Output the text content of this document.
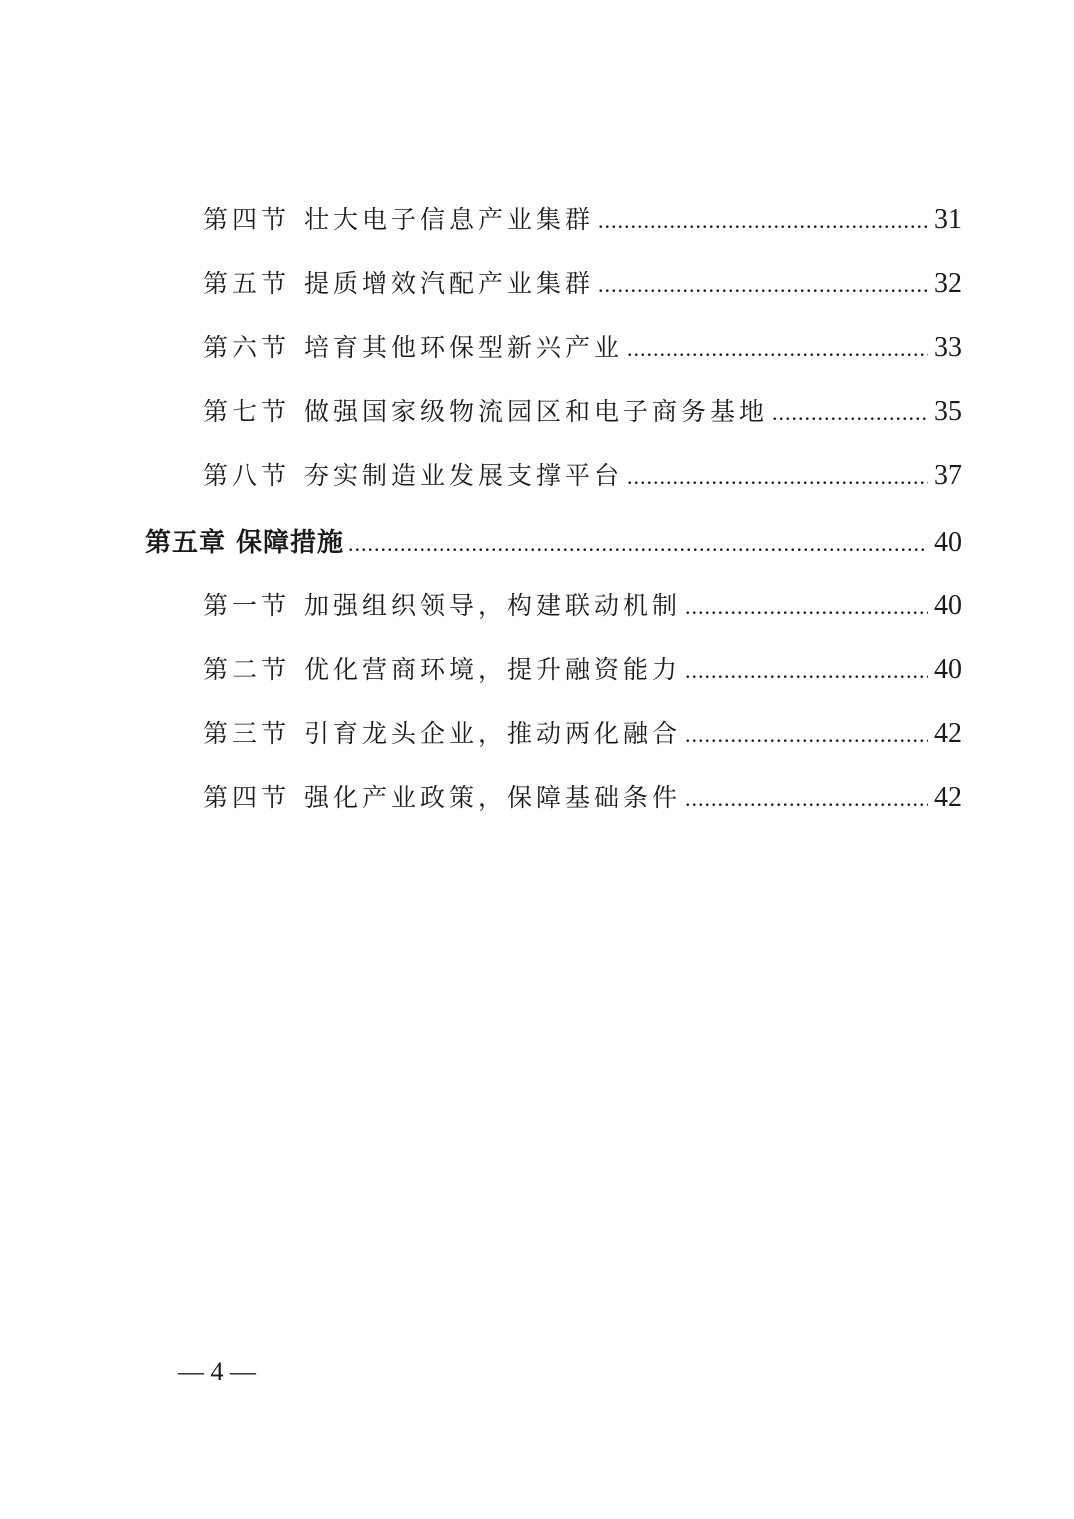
第四节 壮大电子信息产业集群 .....	31
第五节 提质增效汽配产业集群 .....	32
第六节 培育其他环保型新兴产业 .....	33
第七节 做强国家级物流园区和电子商务基地 .....	35
第八节 夯实制造业发展支撑平台 .....	37
第五章 保障措施 .....	40
第一节 加强组织领导，构建联动机制 .....	40
第二节 优化营商环境，提升融资能力 .....	40
第三节 引育龙头企业，推动两化融合 .....	42
第四节 强化产业政策，保障基础条件 .....	42
— 4 —
